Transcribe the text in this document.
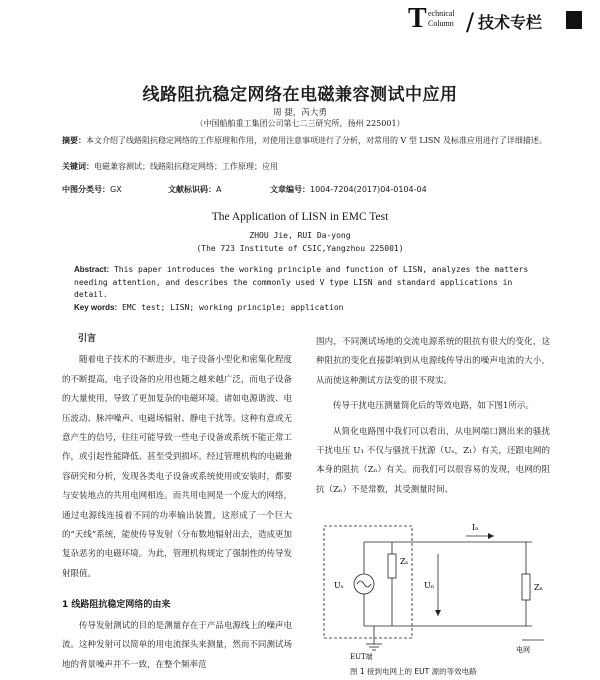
T echnical
Column / 技术专栏
线路阻抗稳定网络在电磁兼容测试中应用
周 捷，芮大勇
（中国船舶重工集团公司第七二三研究所，扬州 225001）
摘要：本文介绍了线路阻抗稳定网络的工作原理和作用，对使用注意事项进行了分析，对常用的 V 型 LISN 及标准应用进行了详细描述。
关键词：电磁兼容测试；线路阻抗稳定网络；工作原理；应用
中图分类号：GX	文献标识码：A	文章编号：1004-7204(2017)04-0104-04
The Application of LISN in EMC Test
ZHOU Jie, RUI Da-yong
(The 723 Institute of CSIC,Yangzhou 225001)
Abstract: This paper introduces the working principle and function of LISN, analyzes the matters needing attention, and describes the commonly used V type LISN and standard applications in detail.
Key words: EMC test; LISN; working principle; application
引言

随着电子技术的不断进步，电子设备小型化和密集化程度的不断提高，电子设备的应用也随之越来越广泛，而电子设备的大量使用，导致了更加复杂的电磁环境。诸如电源谐波、电压波动、脉冲噪声、电磁场辐射、静电干扰等。这种有意或无意产生的信号，往往可能导致一些电子设备或系统不能正常工作，或引起性能降低、甚至受到损坏。经过管理机构的电磁兼容研究和分析，发现各类电子设备或系统使用或安装时，都要与安装地点的共用电网相连。而共用电网是一个庞大的网络，通过电源线连接着不同的功率输出装置，这形成了一个巨大的“天线”系统，能使传导发射（分布数地辐射出去，造成更加复杂恶劣的电磁环境。为此，管理机构规定了强制性的传导发射限值。

1 线路阻抗稳定网络的由来

传导发射测试的目的是测量存在于产品电源线上的噪声电流。这种发射可以简单的用电流探头来测量，然而不同测试场地的背景噪声并不一致，在整个频率范

围内，不同测试场地的交流电源系统的阻抗有很大的变化，这种阻抗的变化直接影响到从电源线传导出的噪声电流的大小，从而使这种测试方法变的很不现实。

传导干扰电压测量简化后的等效电路，如下图1所示。

从简化电路图中我们可以看出，从电网端口测出来的骚扰干扰电压 U₁ 不仅与骚扰干扰源（Uₛ，Z₁）有关，还跟电网的本身的阻抗（Zₙ）有关。而我们可以很容易的发现，电网的阻抗（Zₙ）不是常数，其受测量时间、

Iₙ
Zₛ
Uₛ	Uₙ	Zₙ
EUT端
电网
图 1 接到电网上的 EUT 源的等效电路
